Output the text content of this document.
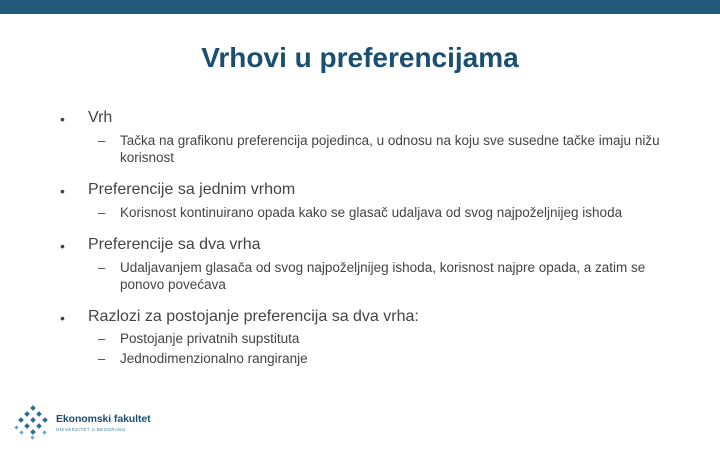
Vrhovi u preferencijama
• Vrh
– Tačka na grafikonu preferencija pojedinca, u odnosu na koju sve susedne tačke imaju nižu korisnost
• Preferencije sa jednim vrhom
– Korisnost kontinuirano opada kako se glasač udaljava od svog najpoželjnijeg ishoda
• Preferencije sa dva vrha
– Udaljavanjem glasača od svog najpoželjnijeg ishoda, korisnost najpre opada, a zatim se ponovo povećava
• Razlozi za postojanje preferencija sa dva vrha:
– Postojanje privatnih supstituta
– Jednodimenzionalno rangiranje
Ekonomski fakultet
UNIVERZITET U BEOGRADU
